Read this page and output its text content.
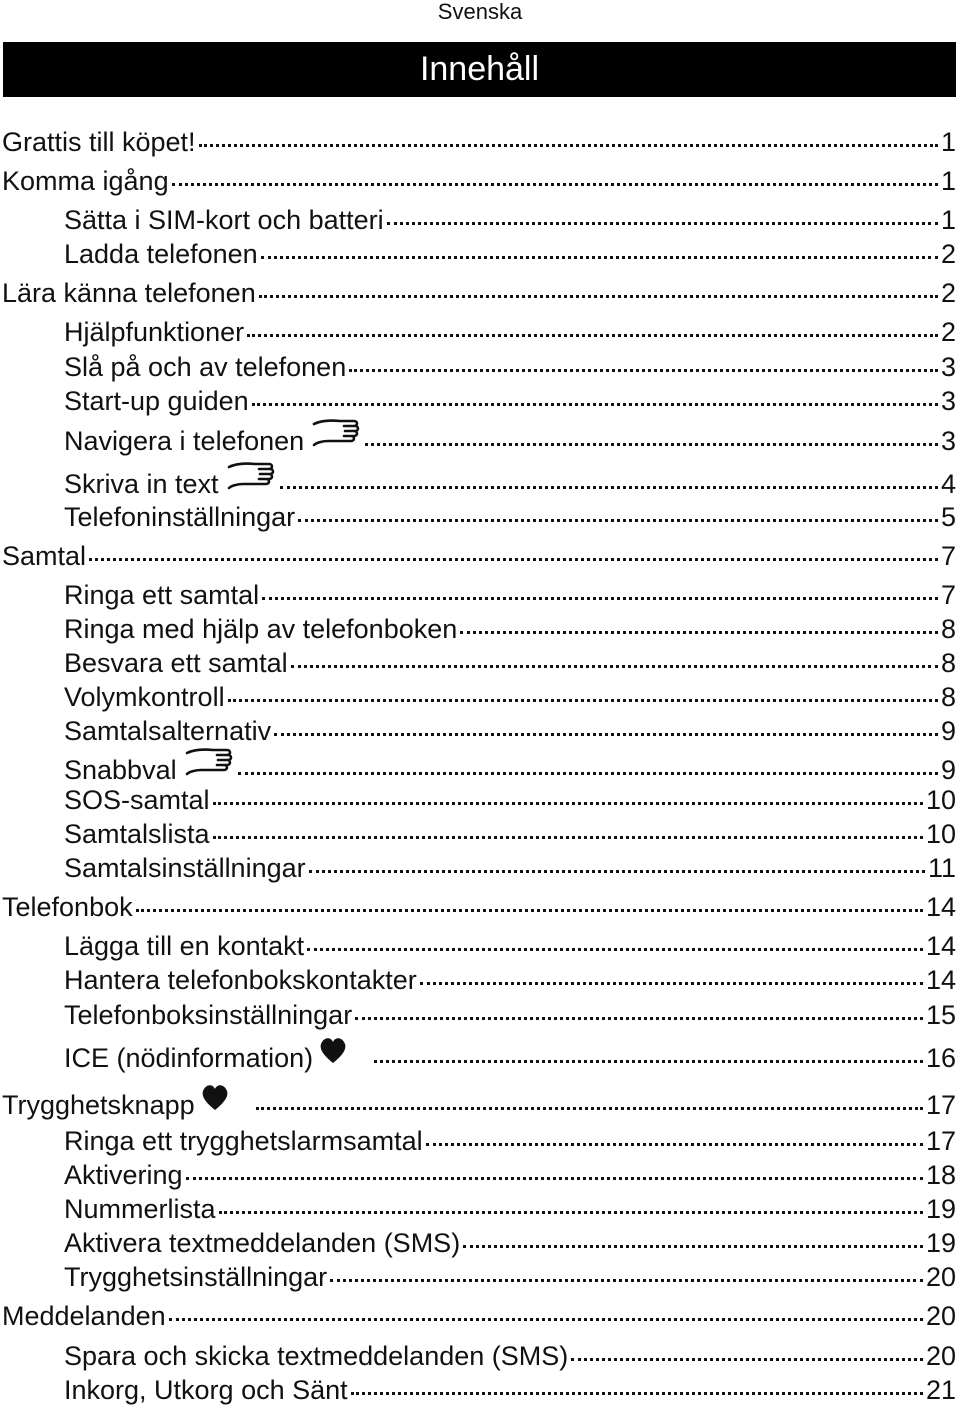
Svenska
Innehåll
Grattis till köpet!	1
Komma igång	1
Sätta i SIM-kort och batteri	1
Ladda telefonen	2
Lära känna telefonen	2
Hjälpfunktioner	2
Slå på och av telefonen	3
Start-up guiden	3
Navigera i telefonen	3
Skriva in text	4
Telefoninställningar	5
Samtal	7
Ringa ett samtal	7
Ringa med hjälp av telefonboken	8
Besvara ett samtal	8
Volymkontroll	8
Samtalsalternativ	9
Snabbval	9
SOS-samtal	10
Samtalslista	10
Samtalsinställningar	11
Telefonbok	14
Lägga till en kontakt	14
Hantera telefonbokskontakter	14
Telefonboksinställningar	15
ICE (nödinformation)	16
Trygghetsknapp	17
Ringa ett trygghetslarmsamtal	17
Aktivering	18
Nummerlista	19
Aktivera textmeddelanden (SMS)	19
Trygghetsinställningar	20
Meddelanden	20
Spara och skicka textmeddelanden (SMS)	20
Inkorg, Utkorg och Sänt	21
